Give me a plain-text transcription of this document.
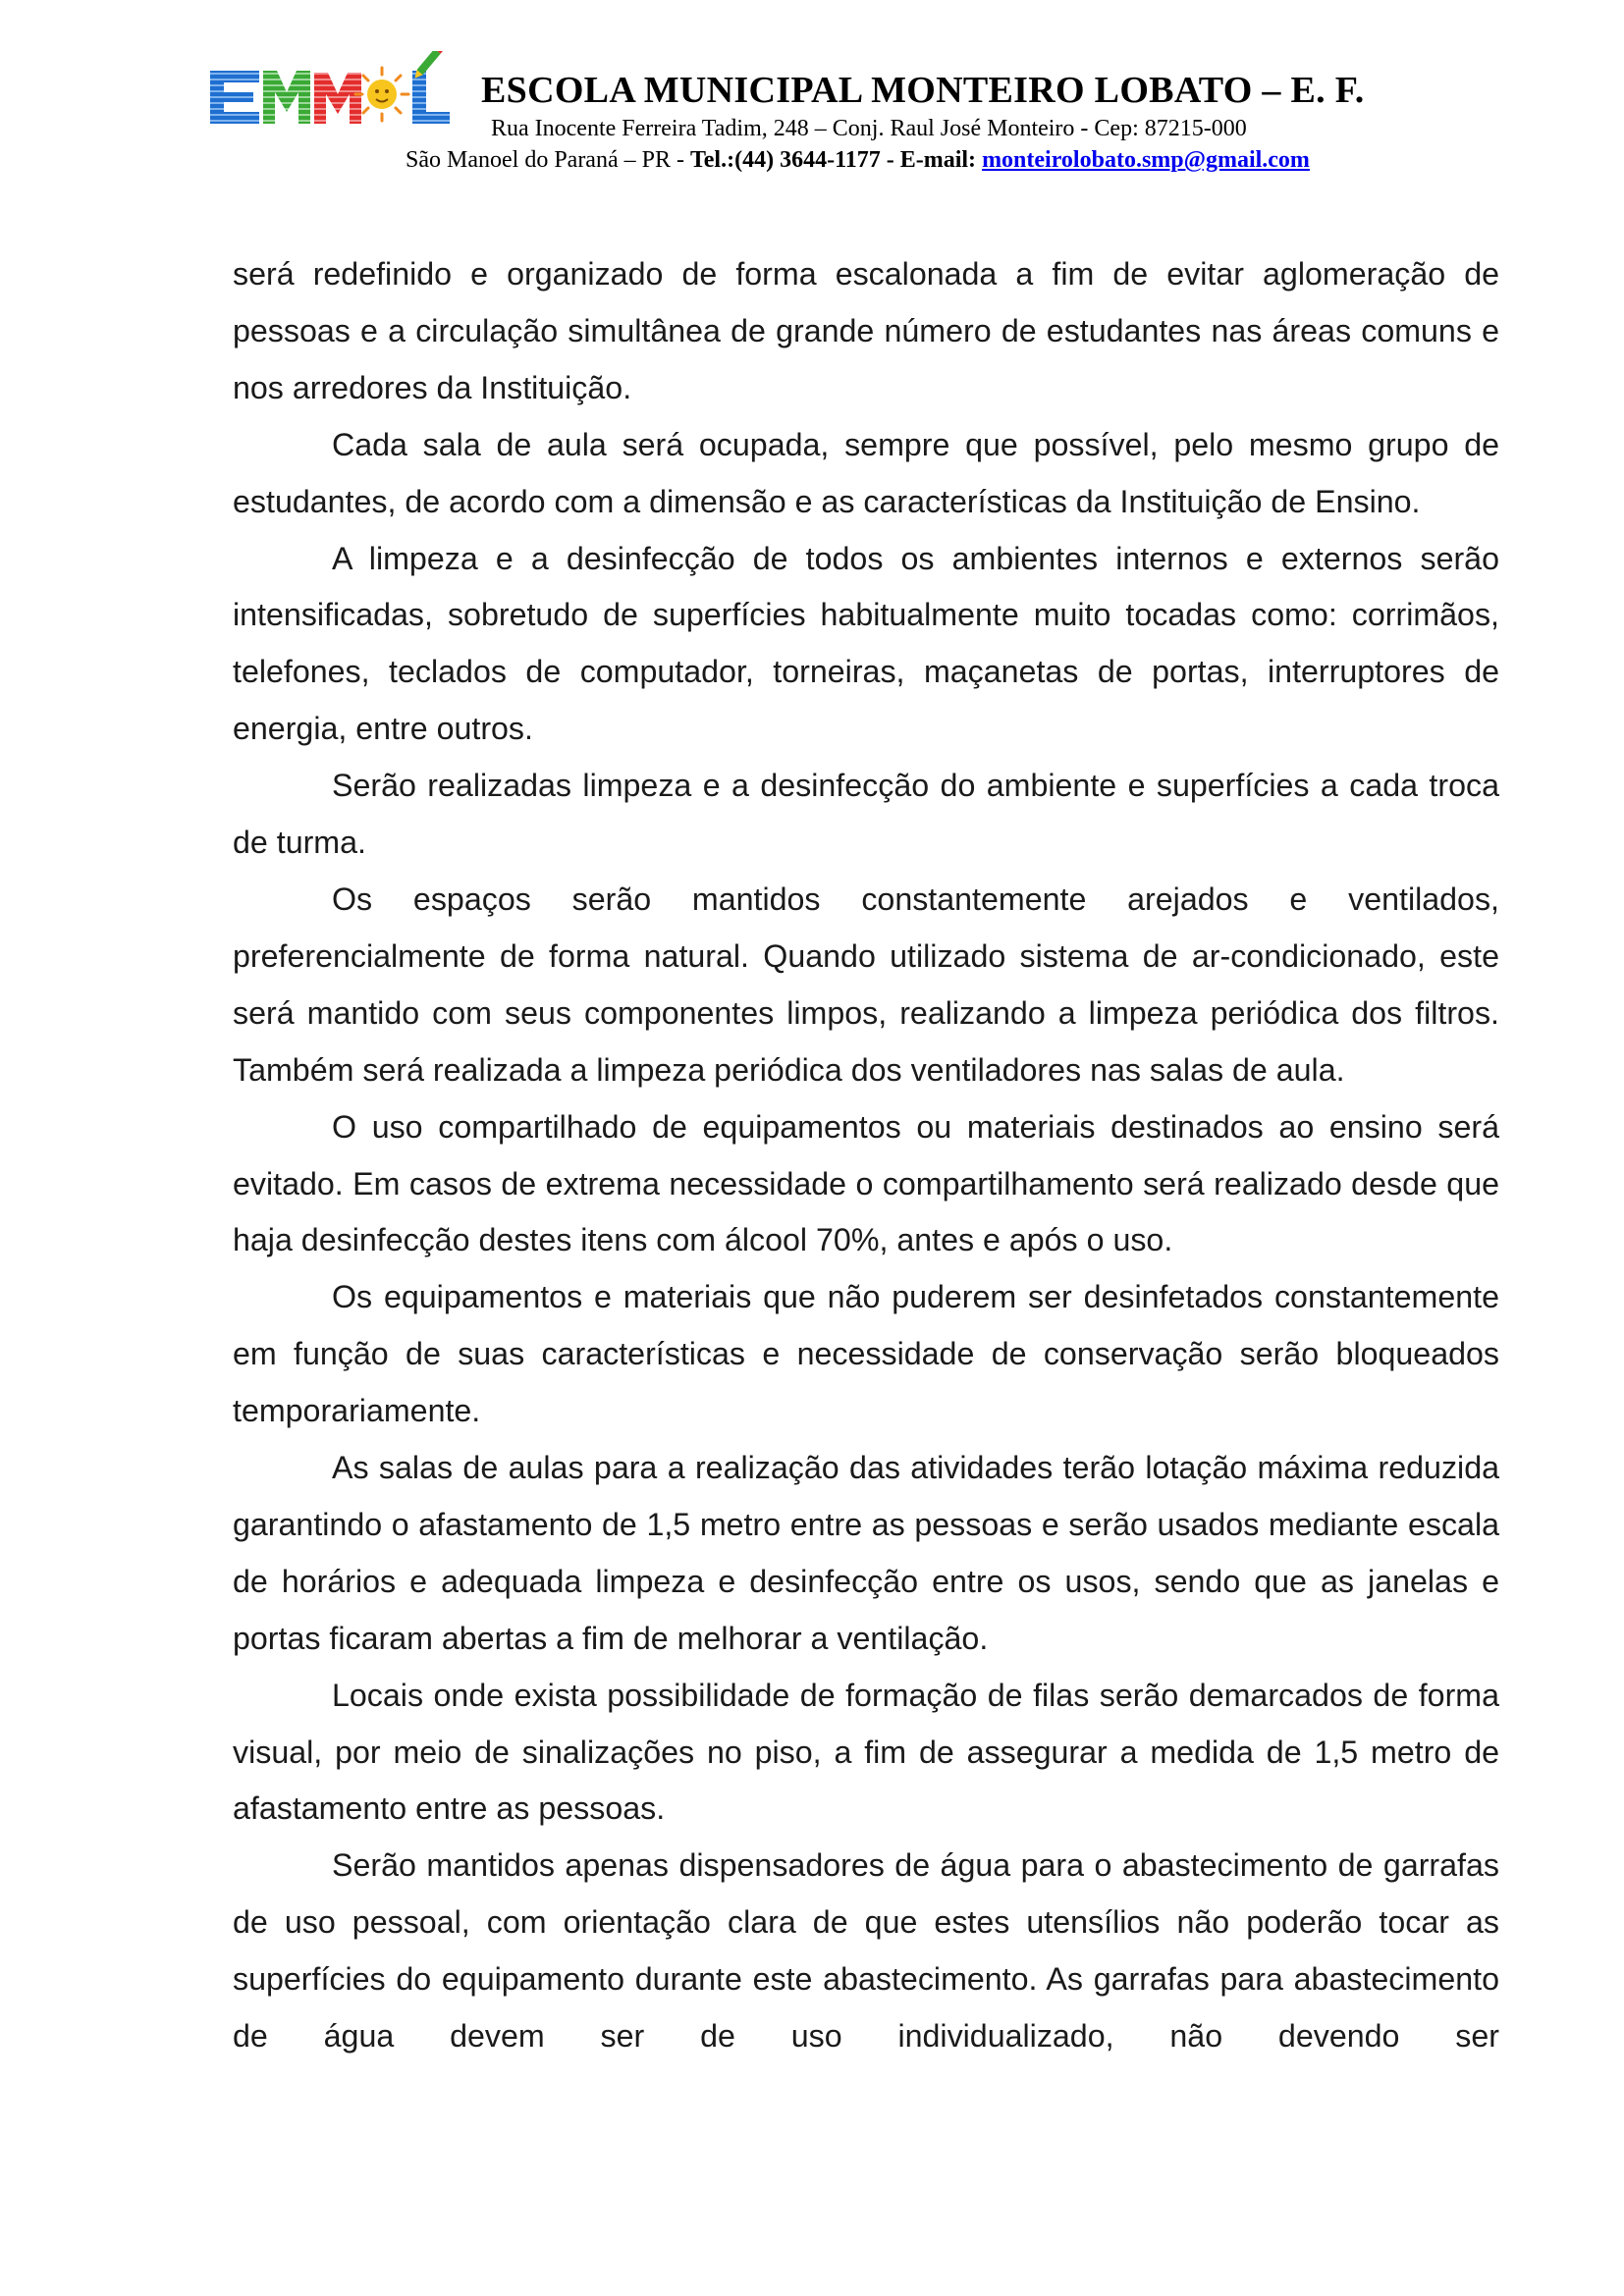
ESCOLA MUNICIPAL MONTEIRO LOBATO – E. F.
Rua Inocente Ferreira Tadim, 248 – Conj. Raul José Monteiro - Cep: 87215-000
São Manoel do Paraná – PR - Tel.:(44) 3644-1177 - E-mail: monteirolobato.smp@gmail.com

será redefinido e organizado de forma escalonada a fim de evitar aglomeração de pessoas e a circulação simultânea de grande número de estudantes nas áreas comuns e nos arredores da Instituição.

Cada sala de aula será ocupada, sempre que possível, pelo mesmo grupo de estudantes, de acordo com a dimensão e as características da Instituição de Ensino.

A limpeza e a desinfecção de todos os ambientes internos e externos serão intensificadas, sobretudo de superfícies habitualmente muito tocadas como: corrimãos, telefones, teclados de computador, torneiras, maçanetas de portas, interruptores de energia, entre outros.

Serão realizadas limpeza e a desinfecção do ambiente e superfícies a cada troca de turma.

Os espaços serão mantidos constantemente arejados e ventilados, preferencialmente de forma natural. Quando utilizado sistema de ar-condicionado, este será mantido com seus componentes limpos, realizando a limpeza periódica dos filtros. Também será realizada a limpeza periódica dos ventiladores nas salas de aula.

O uso compartilhado de equipamentos ou materiais destinados ao ensino será evitado. Em casos de extrema necessidade o compartilhamento será realizado desde que haja desinfecção destes itens com álcool 70%, antes e após o uso.

Os equipamentos e materiais que não puderem ser desinfetados constantemente em função de suas características e necessidade de conservação serão bloqueados temporariamente.

As salas de aulas para a realização das atividades terão lotação máxima reduzida garantindo o afastamento de 1,5 metro entre as pessoas e serão usados mediante escala de horários e adequada limpeza e desinfecção entre os usos, sendo que as janelas e portas ficaram abertas a fim de melhorar a ventilação.

Locais onde exista possibilidade de formação de filas serão demarcados de forma visual, por meio de sinalizações no piso, a fim de assegurar a medida de 1,5 metro de afastamento entre as pessoas.

Serão mantidos apenas dispensadores de água para o abastecimento de garrafas de uso pessoal, com orientação clara de que estes utensílios não poderão tocar as superfícies do equipamento durante este abastecimento. As garrafas para abastecimento de água devem ser de uso individualizado, não devendo ser
